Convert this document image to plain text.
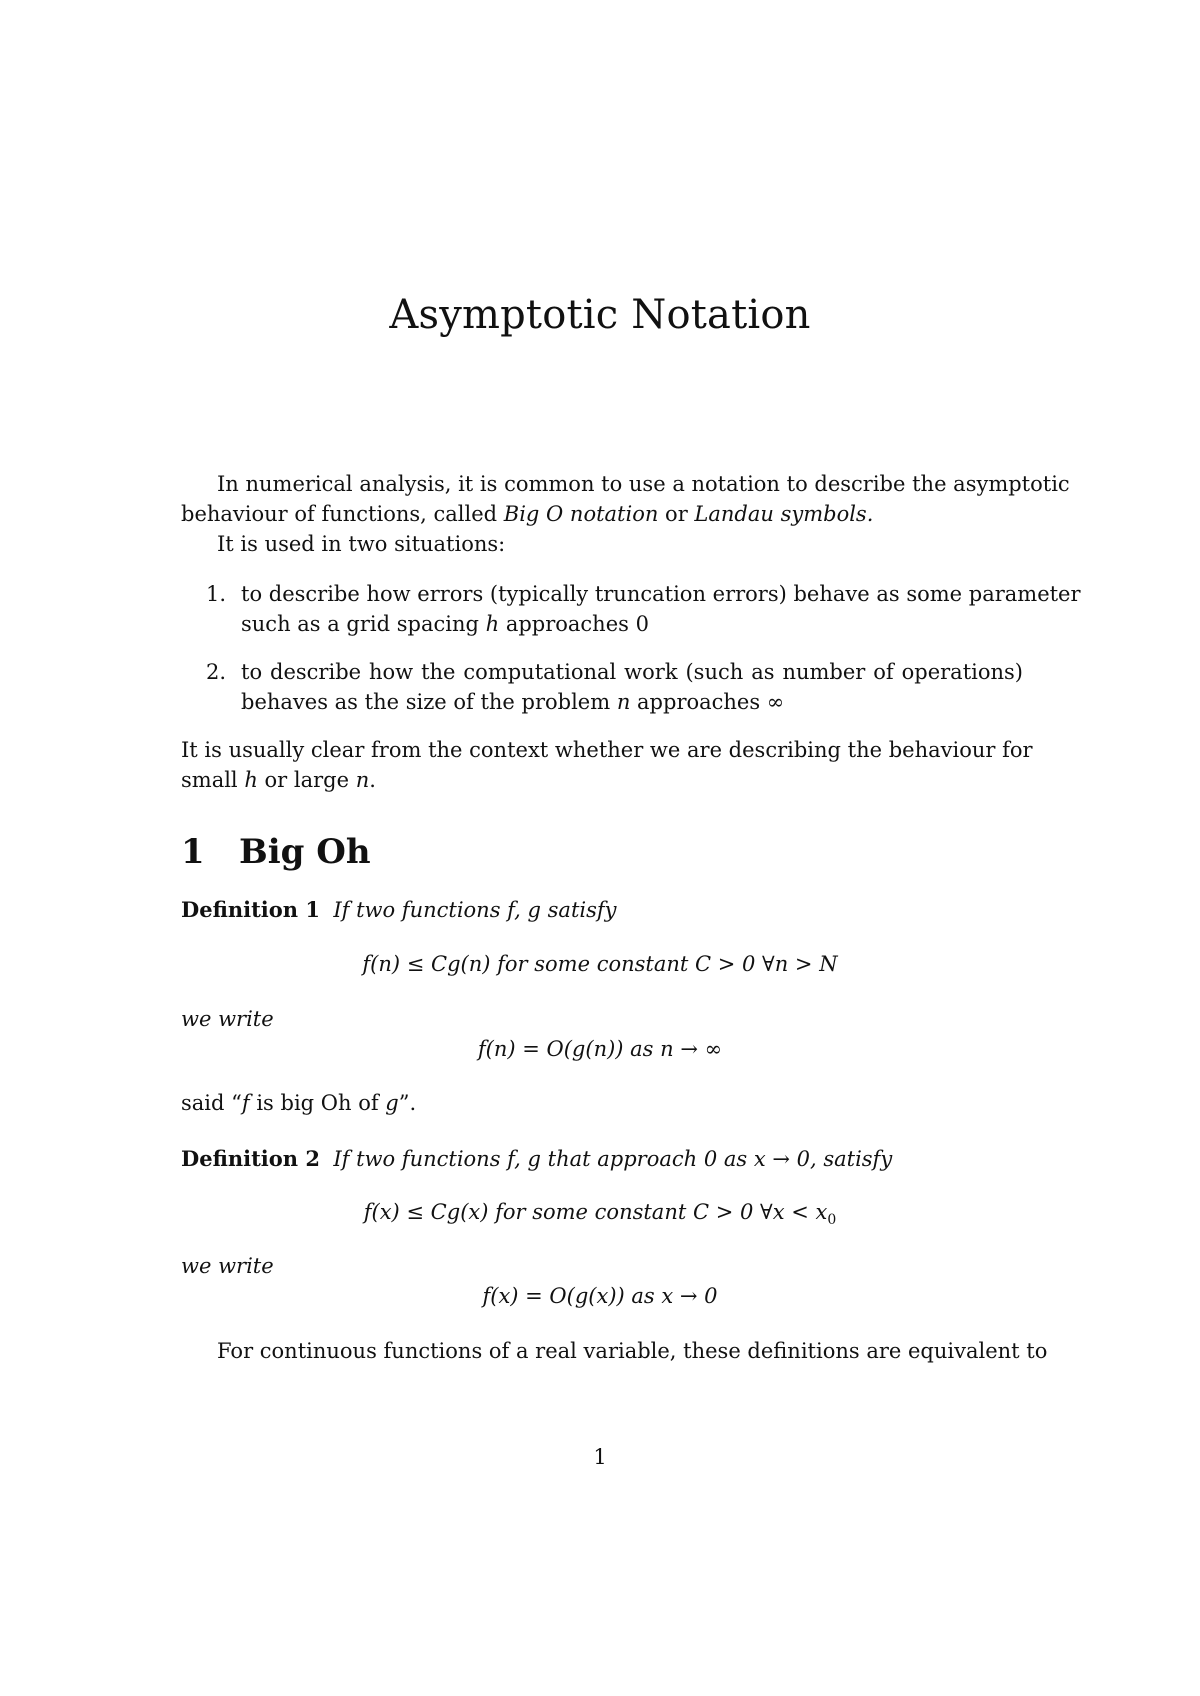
Asymptotic Notation
In numerical analysis, it is common to use a notation to describe the asymptotic
behaviour of functions, called Big O notation or Landau symbols.
It is used in two situations:
1. to describe how errors (typically truncation errors) behave as some parameter
such as a grid spacing h approaches 0
2. to describe how the computational work (such as number of operations)
behaves as the size of the problem n approaches ∞
It is usually clear from the context whether we are describing the behaviour for
small h or large n.
1 Big Oh
Definition 1 If two functions f, g satisfy
f(n) ≤ Cg(n) for some constant C > 0 ∀n > N
we write
f(n) = O(g(n)) as n → ∞
said “f is big Oh of g”.
Definition 2 If two functions f, g that approach 0 as x → 0, satisfy
f(x) ≤ Cg(x) for some constant C > 0 ∀x < $x_0$
we write
f(x) = O(g(x)) as x → 0
For continuous functions of a real variable, these definitions are equivalent to
1
